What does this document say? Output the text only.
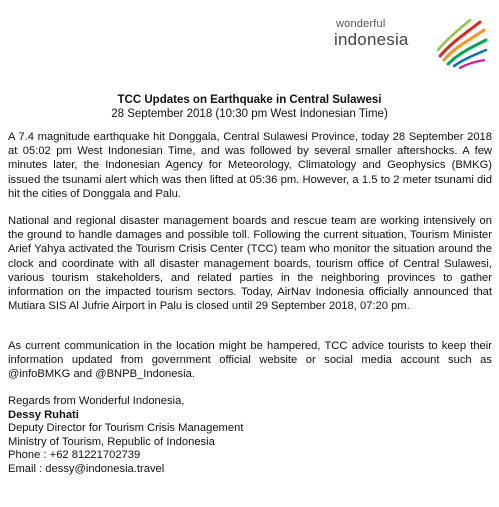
wonderful
indonesia

TCC Updates on Earthquake in Central Sulawesi

28 September 2018 (10:30 pm West Indonesian Time)

A 7.4 magnitude earthquake hit Donggala, Central Sulawesi Province, today 28 September 2018 at 05:02 pm West Indonesian Time, and was followed by several smaller aftershocks. A few minutes later, the Indonesian Agency for Meteorology, Climatology and Geophysics (BMKG) issued the tsunami alert which was then lifted at 05:36 pm. However, a 1.5 to 2 meter tsunami did hit the cities of Donggala and Palu.

National and regional disaster management boards and rescue team are working intensively on the ground to handle damages and possible toll. Following the current situation, Tourism Minister Arief Yahya activated the Tourism Crisis Center (TCC) team who monitor the situation around the clock and coordinate with all disaster management boards, tourism office of Central Sulawesi, various tourism stakeholders, and related parties in the neighboring provinces to gather information on the impacted tourism sectors. Today, AirNav Indonesia officially announced that Mutiara SIS Al Jufrie Airport in Palu is closed until 29 September 2018, 07:20 pm.

As current communication in the location might be hampered, TCC advice tourists to keep their information updated from government official website or social media account such as @infoBMKG and @BNPB_Indonesia.

Regards from Wonderful Indonesia,
Dessy Ruhati
Deputy Director for Tourism Crisis Management
Ministry of Tourism, Republic of Indonesia
Phone : +62 81221702739
Email : dessy@indonesia.travel
